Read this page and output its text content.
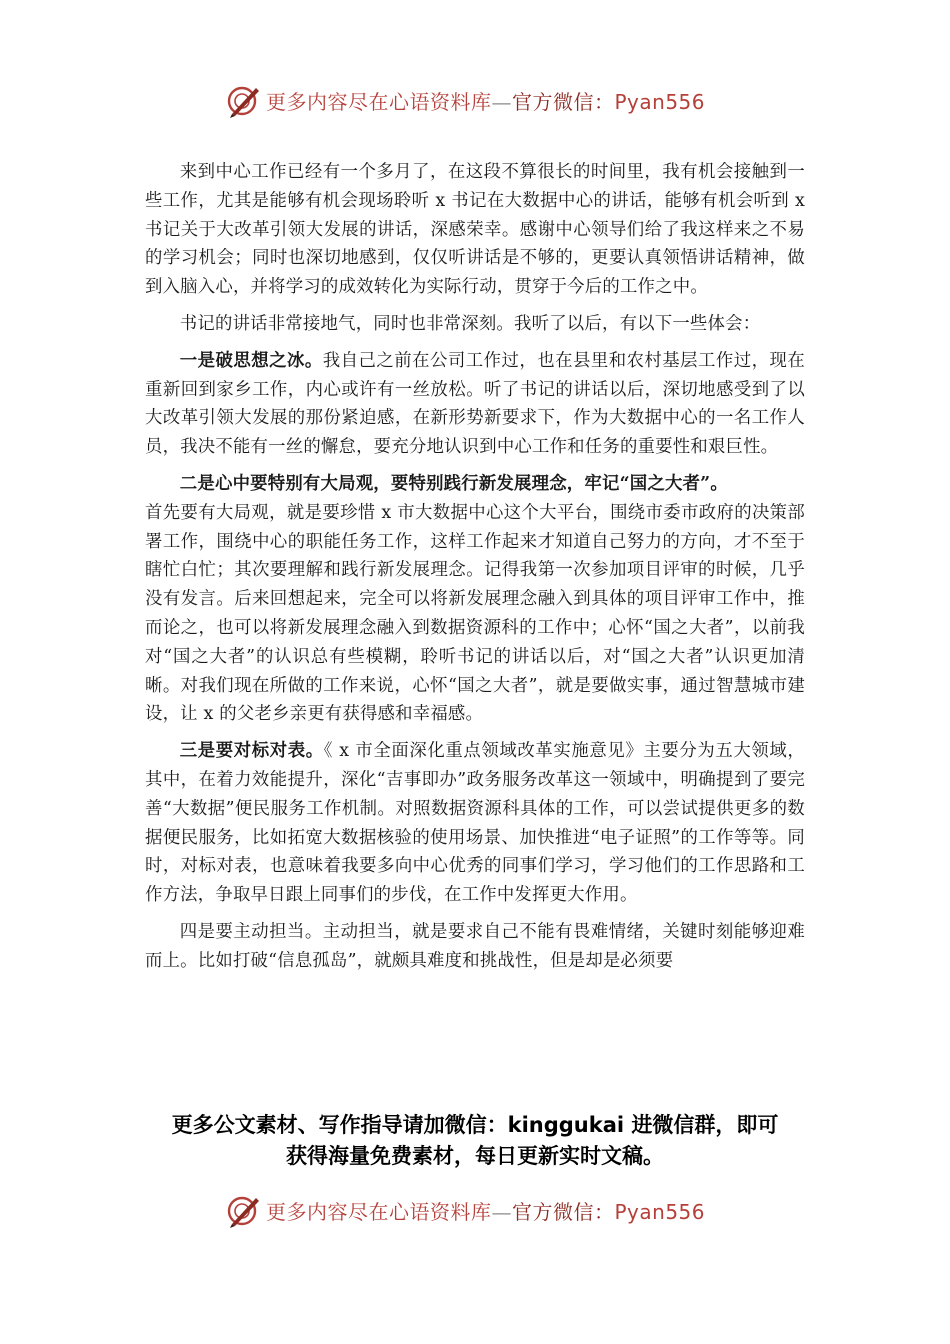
更多内容尽在心语资料库—官方微信：Pyan556

来到中心工作已经有一个多月了，在这段不算很长的时间里，我有机会接触到一些工作，尤其是能够有机会现场聆听 x 书记在大数据中心的讲话，能够有机会听到 x 书记关于大改革引领大发展的讲话，深感荣幸。感谢中心领导们给了我这样来之不易的学习机会；同时也深切地感到，仅仅听讲话是不够的，更要认真领悟讲话精神，做到入脑入心，并将学习的成效转化为实际行动，贯穿于今后的工作之中。

书记的讲话非常接地气，同时也非常深刻。我听了以后，有以下一些体会：

一是破思想之冰。我自己之前在公司工作过，也在县里和农村基层工作过，现在重新回到家乡工作，内心或许有一丝放松。听了书记的讲话以后，深切地感受到了以大改革引领大发展的那份紧迫感，在新形势新要求下，作为大数据中心的一名工作人员，我决不能有一丝的懈怠，要充分地认识到中心工作和任务的重要性和艰巨性。

二是心中要特别有大局观，要特别践行新发展理念，牢记“国之大者”。

首先要有大局观，就是要珍惜 x 市大数据中心这个大平台，围绕市委市政府的决策部署工作，围绕中心的职能任务工作，这样工作起来才知道自己努力的方向，才不至于瞎忙白忙；其次要理解和践行新发展理念。记得我第一次参加项目评审的时候，几乎没有发言。后来回想起来，完全可以将新发展理念融入到具体的项目评审工作中，推而论之，也可以将新发展理念融入到数据资源科的工作中；心怀“国之大者”，以前我对“国之大者”的认识总有些模糊，聆听书记的讲话以后，对“国之大者”认识更加清晰。对我们现在所做的工作来说，心怀“国之大者”，就是要做实事，通过智慧城市建设，让 x 的父老乡亲更有获得感和幸福感。

三是要对标对表。《 x 市全面深化重点领域改革实施意见》主要分为五大领域，其中，在着力效能提升，深化“吉事即办”政务服务改革这一领域中，明确提到了要完善“大数据”便民服务工作机制。对照数据资源科具体的工作，可以尝试提供更多的数据便民服务，比如拓宽大数据核验的使用场景、加快推进“电子证照”的工作等等。同时，对标对表，也意味着我要多向中心优秀的同事们学习，学习他们的工作思路和工作方法，争取早日跟上同事们的步伐，在工作中发挥更大作用。

四是要主动担当。主动担当，就是要求自己不能有畏难情绪，关键时刻能够迎难而上。比如打破“信息孤岛”，就颇具难度和挑战性，但是却是必须要

更多公文素材、写作指导请加微信：kinggukai 进微信群，即可
获得海量免费素材，每日更新实时文稿。
更多内容尽在心语资料库—官方微信：Pyan556
